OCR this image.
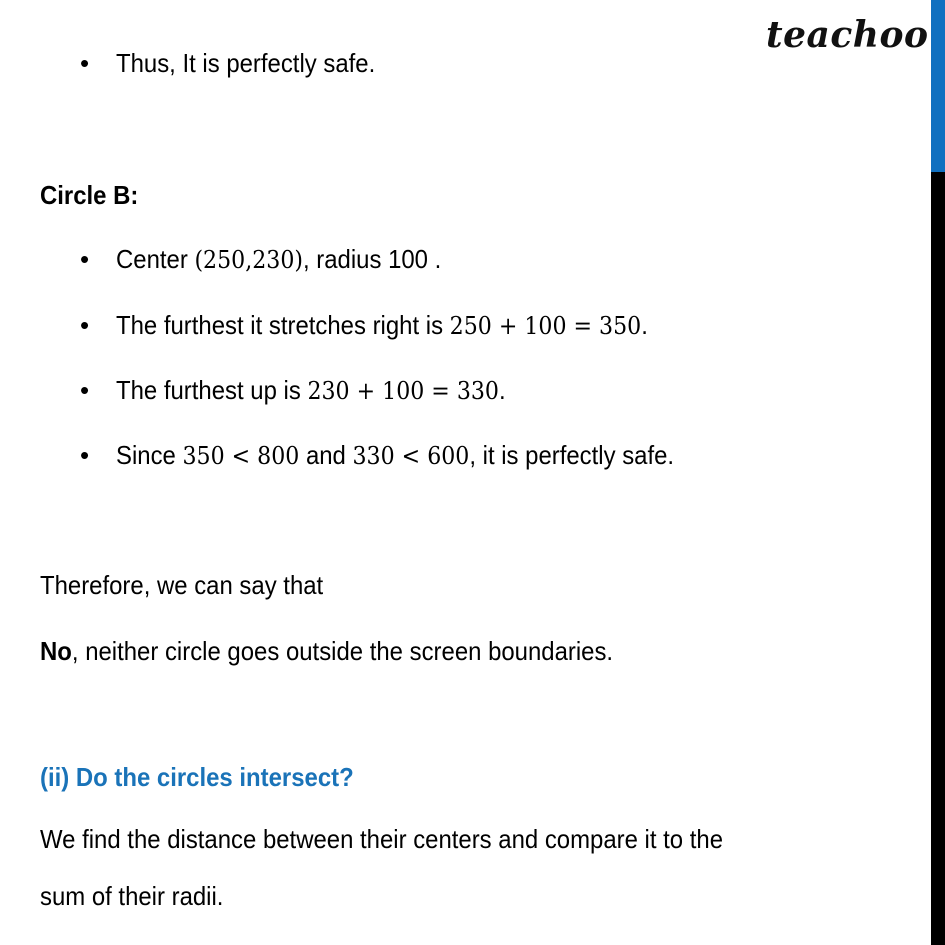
teachoo
• Thus, It is perfectly safe.
Circle B:
• Center (250,230), radius 100 .
• The furthest it stretches right is 250 + 100 = 350.
• The furthest up is 230 + 100 = 330.
• Since 350 < 800 and 330 < 600, it is perfectly safe.
Therefore, we can say that
No, neither circle goes outside the screen boundaries.
(ii) Do the circles intersect?
We find the distance between their centers and compare it to the
sum of their radii.
